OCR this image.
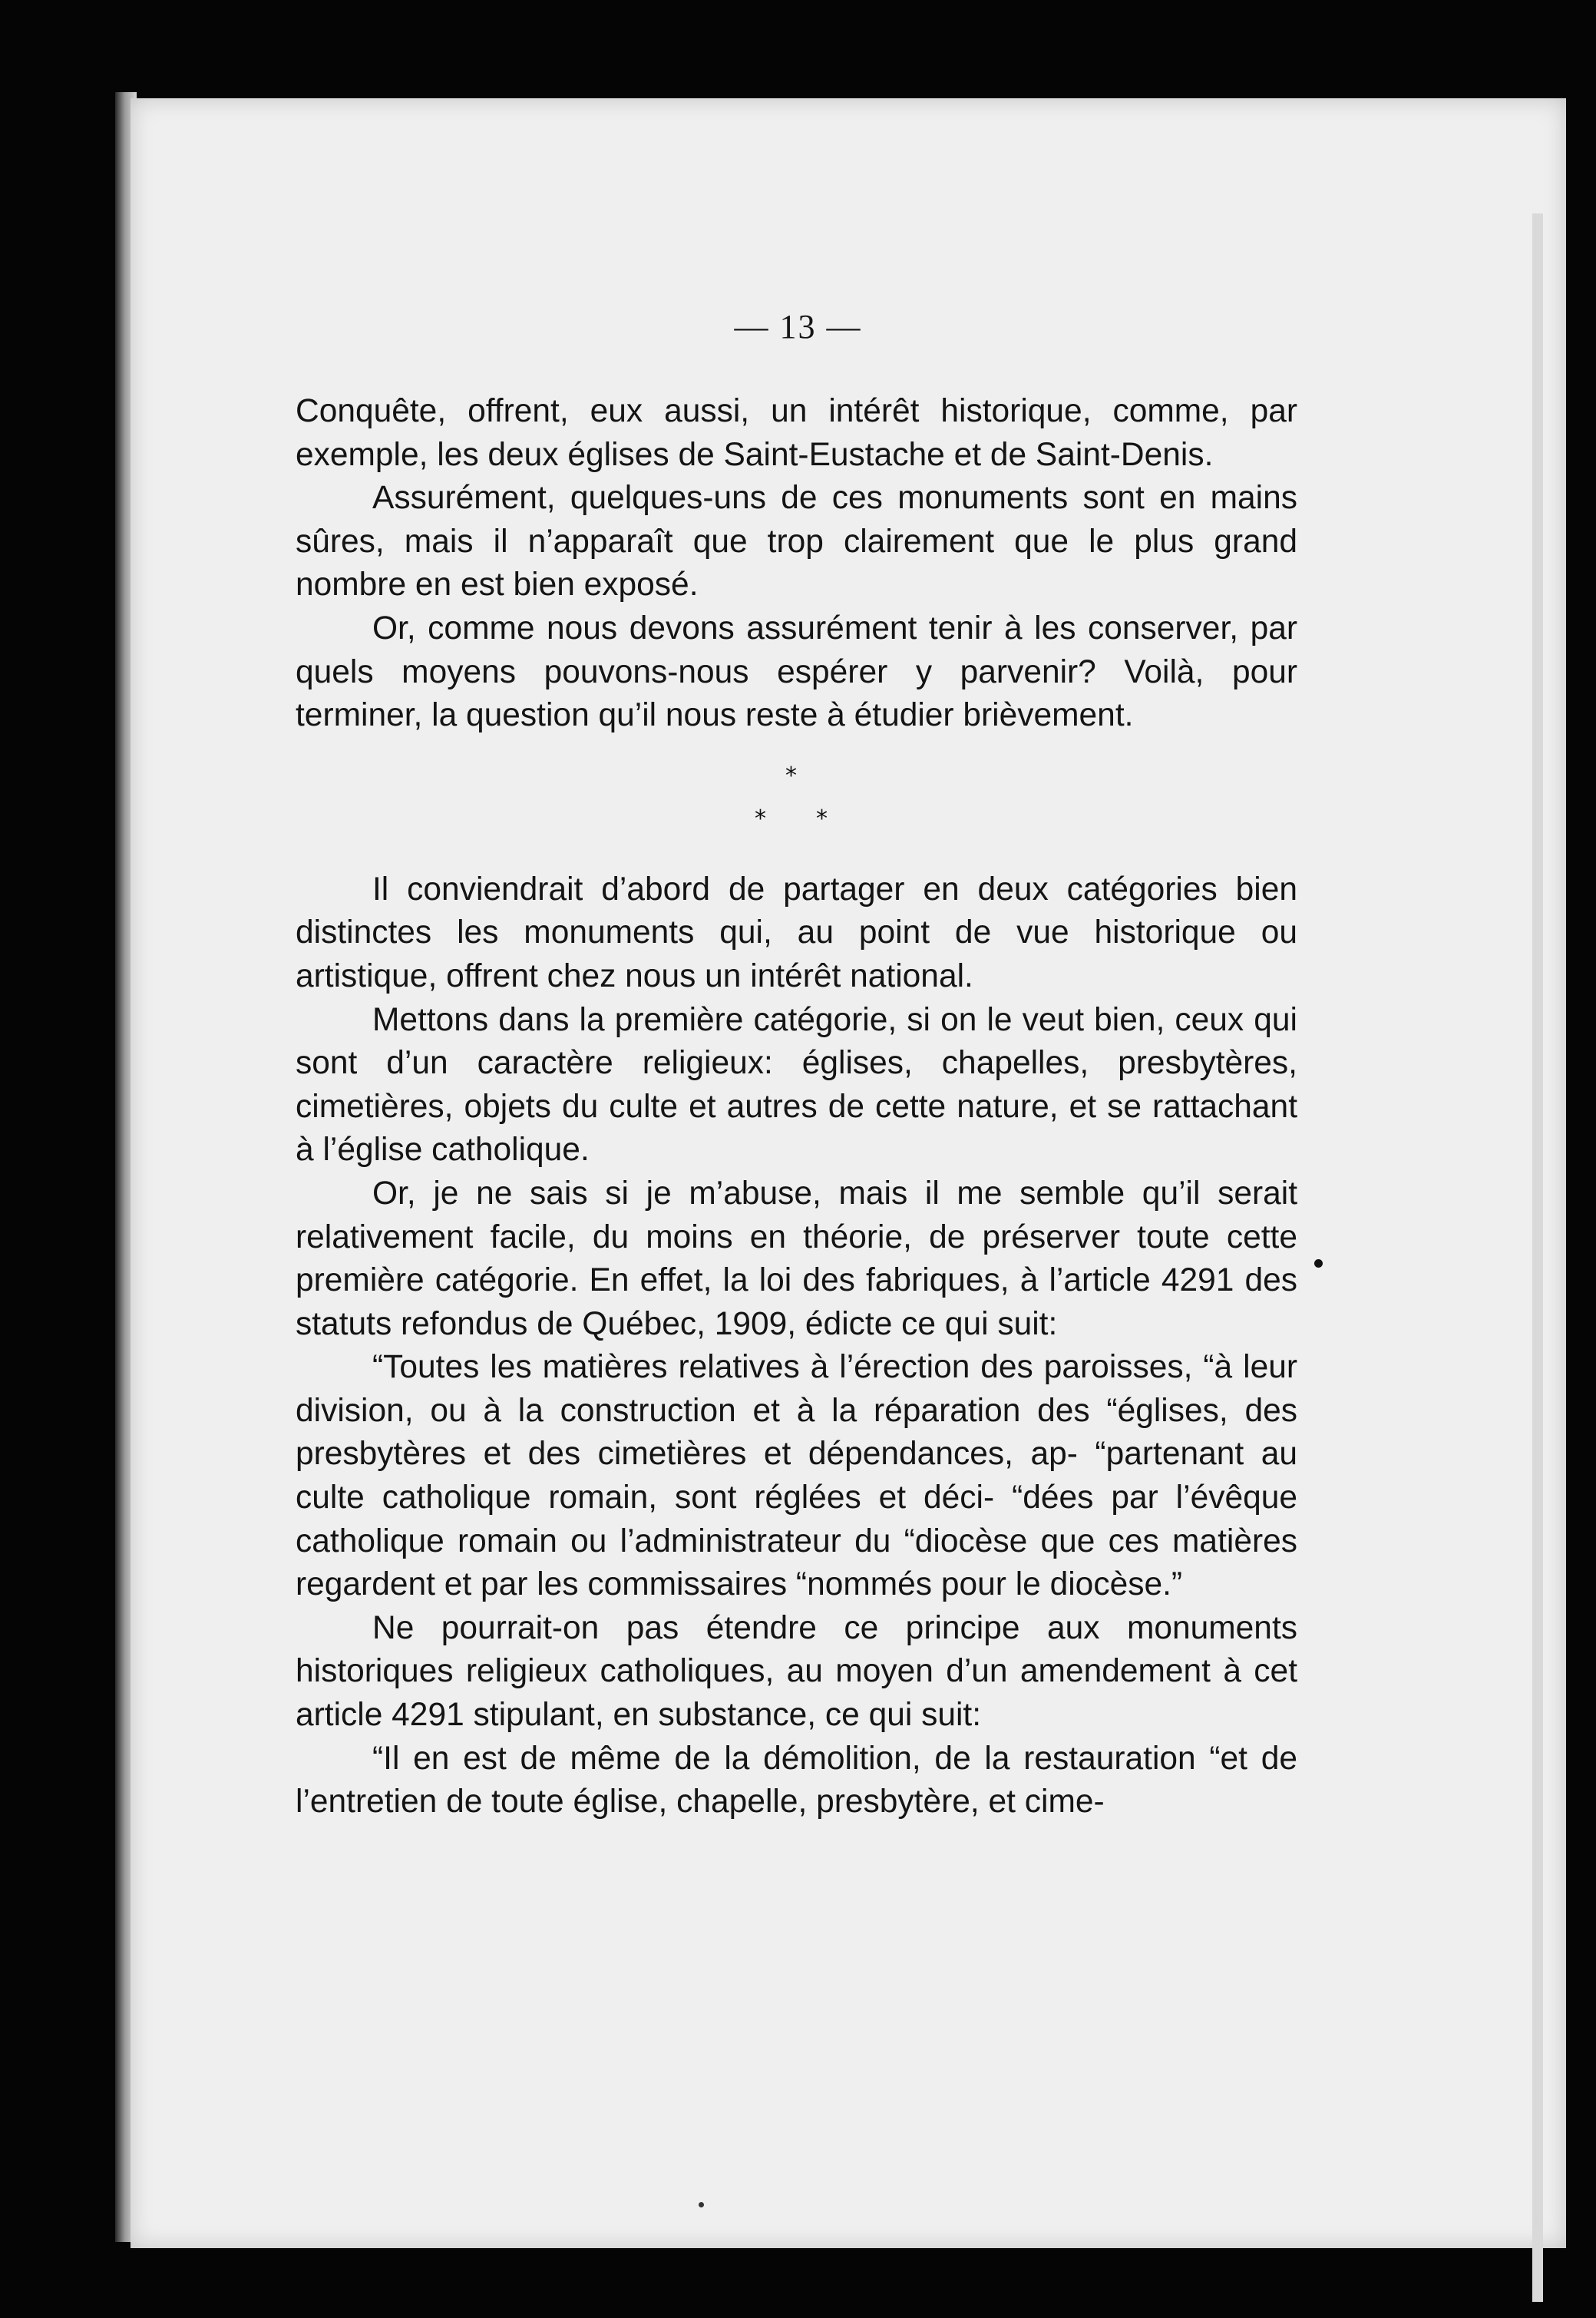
— 13 —

Conquête, offrent, eux aussi, un intérêt historique, comme, par exemple, les deux églises de Saint-Eustache et de Saint-Denis.

Assurément, quelques-uns de ces monuments sont en mains sûres, mais il n’apparaît que trop clairement que le plus grand nombre en est bien exposé.

Or, comme nous devons assurément tenir à les conserver, par quels moyens pouvons-nous espérer y parvenir? Voilà, pour terminer, la question qu’il nous reste à étudier brièvement.

*
* *

Il conviendrait d’abord de partager en deux catégories bien distinctes les monuments qui, au point de vue historique ou artistique, offrent chez nous un intérêt national.

Mettons dans la première catégorie, si on le veut bien, ceux qui sont d’un caractère religieux: églises, chapelles, presbytères, cimetières, objets du culte et autres de cette nature, et se rattachant à l’église catholique.

Or, je ne sais si je m’abuse, mais il me semble qu’il serait relativement facile, du moins en théorie, de préserver toute cette première catégorie. En effet, la loi des fabriques, à l’article 4291 des statuts refondus de Québec, 1909, édicte ce qui suit:

“Toutes les matières relatives à l’érection des paroisses, “à leur division, ou à la construction et à la réparation des “églises, des presbytères et des cimetières et dépendances, ap- “partenant au culte catholique romain, sont réglées et déci- “dées par l’évêque catholique romain ou l’administrateur du “diocèse que ces matières regardent et par les commissaires “nommés pour le diocèse.”

Ne pourrait-on pas étendre ce principe aux monuments historiques religieux catholiques, au moyen d’un amendement à cet article 4291 stipulant, en substance, ce qui suit:

“Il en est de même de la démolition, de la restauration “et de l’entretien de toute église, chapelle, presbytère, et cime-
